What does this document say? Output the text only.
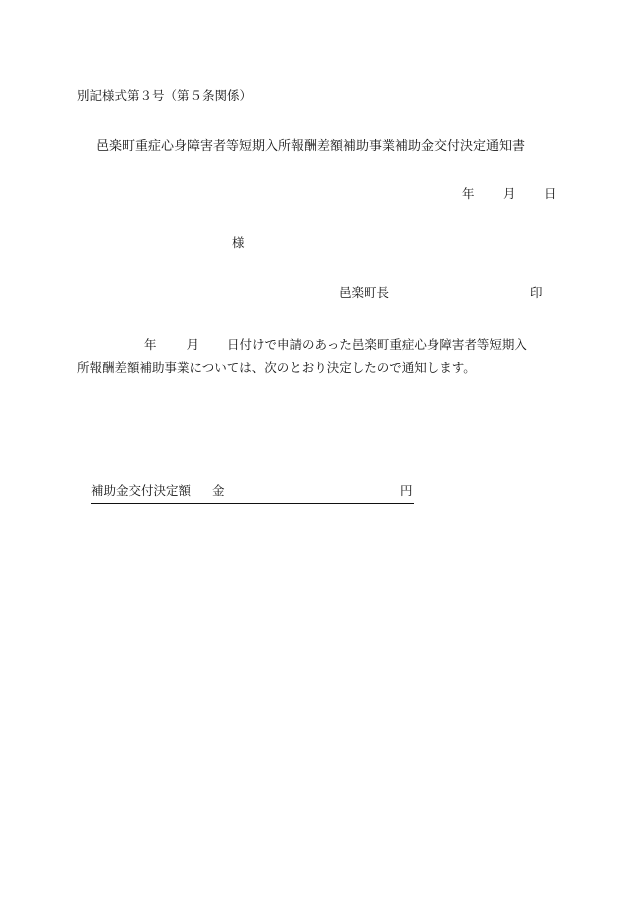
別記様式第３号（第５条関係）
邑楽町重症心身障害者等短期入所報酬差額補助事業補助金交付決定通知書
年 月 日
様
邑楽町長	印
年 月 日付けで申請のあった邑楽町重症心身障害者等短期入
所報酬差額補助事業については、次のとおり決定したので通知します。
補助金交付決定額 金	円
